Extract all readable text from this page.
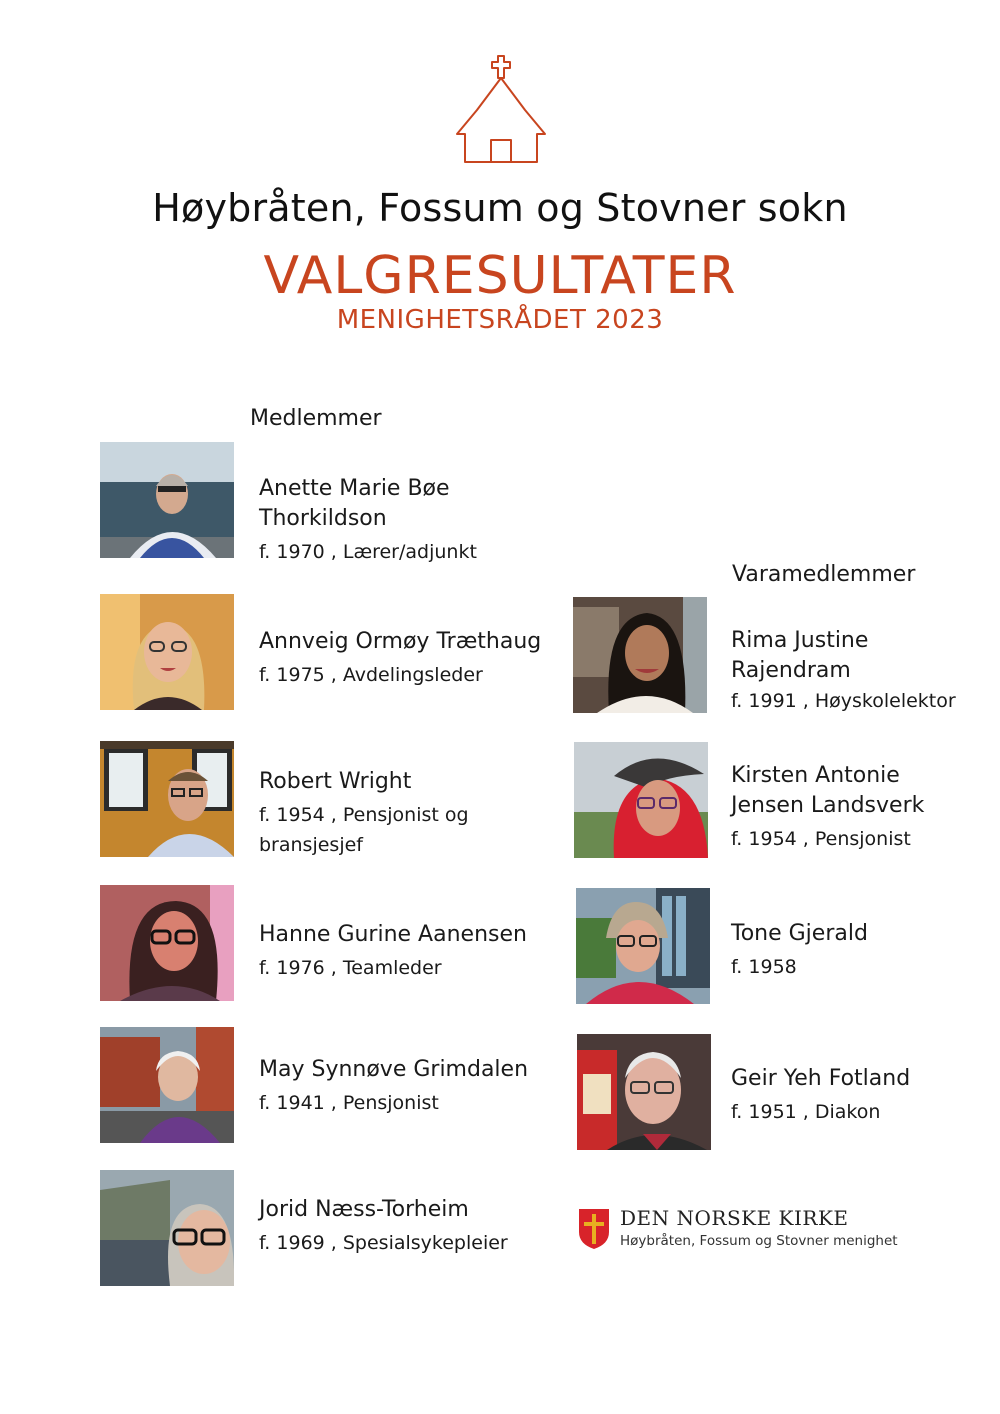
Høybråten, Fossum og Stovner sokn
VALGRESULTATER
MENIGHETSRÅDET 2023
Medlemmer
Anette Marie Bøe Thorkildson
f. 1970 , Lærer/adjunkt
Annveig Ormøy Træthaug
f. 1975 , Avdelingsleder
Robert Wright
f. 1954 , Pensjonist og bransjesjef
Hanne Gurine Aanensen
f. 1976 , Teamleder
May Synnøve Grimdalen
f. 1941 , Pensjonist
Jorid Næss-Torheim
f. 1969 , Spesialsykepleier
Varamedlemmer
Rima Justine Rajendram
f. 1991 , Høyskolelektor
Kirsten Antonie Jensen Landsverk
f. 1954 , Pensjonist
Tone Gjerald
f. 1958
Geir Yeh Fotland
f. 1951 , Diakon
DEN NORSKE KIRKE
Høybråten, Fossum og Stovner menighet
